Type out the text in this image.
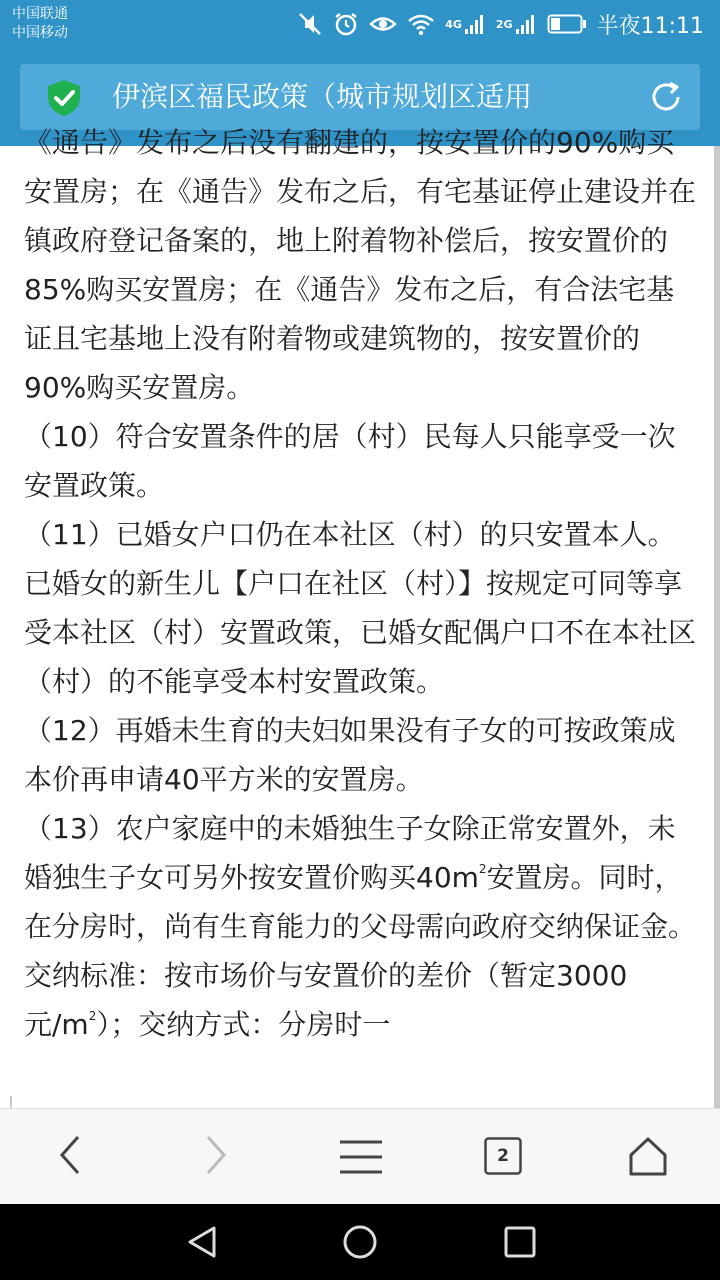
中国联通
中国移动
4G	2G	半夜11:11
伊滨区福民政策（城市规划区适用

《通告》发布之后没有翻建的，按安置价的90%购买安置房；在《通告》发布之后，有宅基证停止建设并在镇政府登记备案的，地上附着物补偿后，按安置价的85%购买安置房；在《通告》发布之后，有合法宅基证且宅基地上没有附着物或建筑物的，按安置价的90%购买安置房。

（10）符合安置条件的居（村）民每人只能享受一次安置政策。

（11）已婚女户口仍在本社区（村）的只安置本人。已婚女的新生儿【户口在社区（村）】按规定可同等享受本社区（村）安置政策，已婚女配偶户口不在本社区（村）的不能享受本村安置政策。

（12）再婚未生育的夫妇如果没有子女的可按政策成本价再申请40平方米的安置房。

（13）农户家庭中的未婚独生子女除正常安置外，未婚独生子女可另外按安置价购买$40m^2$安置房。同时，在分房时，尚有生育能力的父母需向政府交纳保证金。交纳标准：按市场价与安置价的差价（暂定3000元$/m^2$）；交纳方式：分房时一

2
